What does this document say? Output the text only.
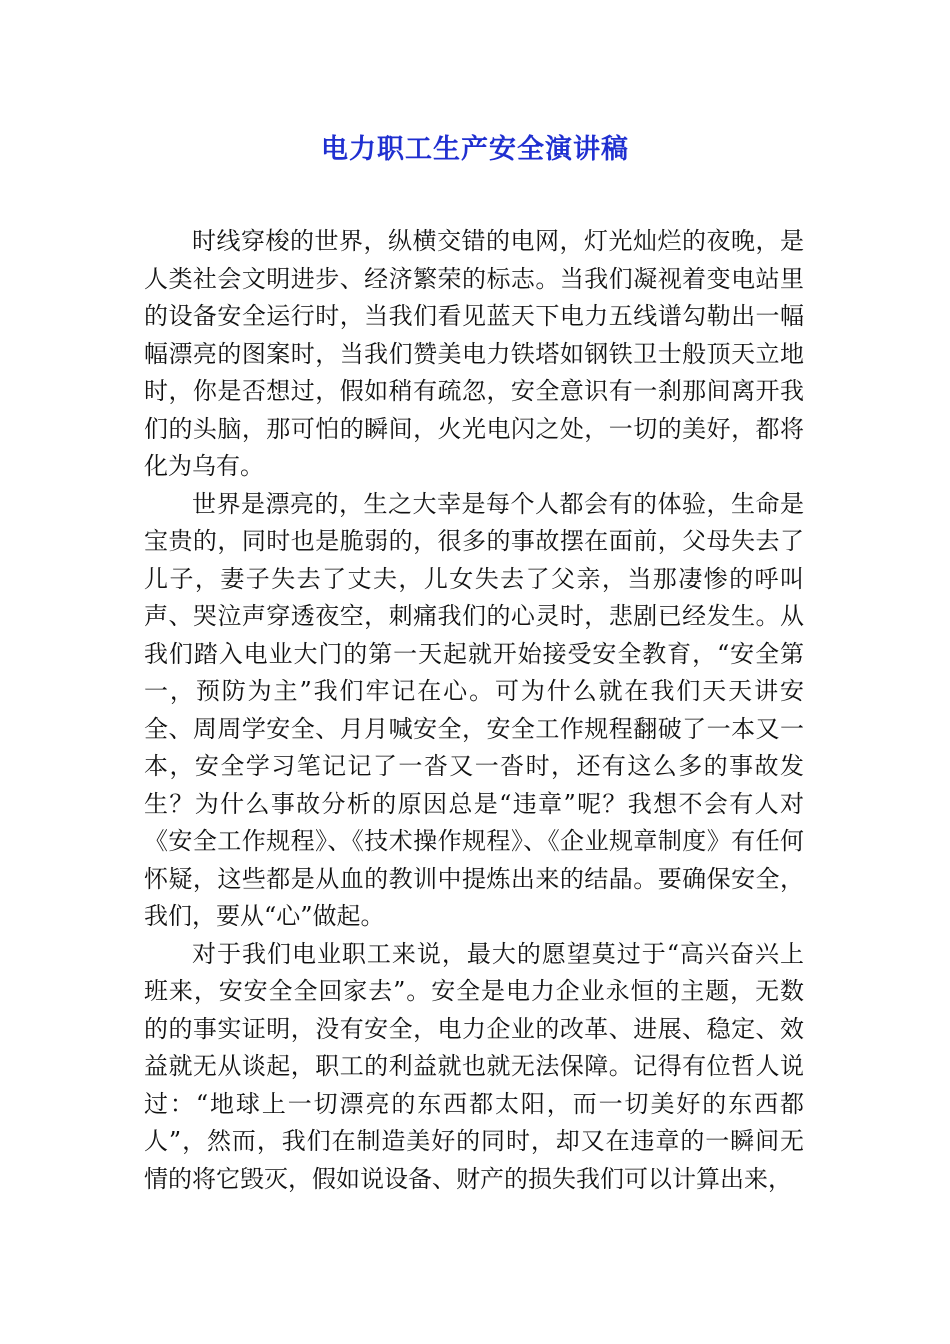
电力职工生产安全演讲稿

时线穿梭的世界，纵横交错的电网，灯光灿烂的夜晚，是人类社会文明进步、经济繁荣的标志。当我们凝视着变电站里的设备安全运行时，当我们看见蓝天下电力五线谱勾勒出一幅幅漂亮的图案时，当我们赞美电力铁塔如钢铁卫士般顶天立地时，你是否想过，假如稍有疏忽，安全意识有一刹那间离开我们的头脑，那可怕的瞬间，火光电闪之处，一切的美好，都将化为乌有。

世界是漂亮的，生之大幸是每个人都会有的体验，生命是宝贵的，同时也是脆弱的，很多的事故摆在面前，父母失去了儿子，妻子失去了丈夫，儿女失去了父亲，当那凄惨的呼叫声、哭泣声穿透夜空，刺痛我们的心灵时，悲剧已经发生。从我们踏入电业大门的第一天起就开始接受安全教育，“安全第一，预防为主”我们牢记在心。可为什么就在我们天天讲安全、周周学安全、月月喊安全，安全工作规程翻破了一本又一本，安全学习笔记记了一沓又一沓时，还有这么多的事故发生？为什么事故分析的原因总是“违章”呢？我想不会有人对《安全工作规程》、《技术操作规程》、《企业规章制度》有任何怀疑，这些都是从血的教训中提炼出来的结晶。要确保安全，我们，要从“心”做起。

对于我们电业职工来说，最大的愿望莫过于“高兴奋兴上班来，安安全全回家去”。安全是电力企业永恒的主题，无数的的事实证明，没有安全，电力企业的改革、进展、稳定、效益就无从谈起，职工的利益就也就无法保障。记得有位哲人说过：“地球上一切漂亮的东西都太阳，而一切美好的东西都人”，然而，我们在制造美好的同时，却又在违章的一瞬间无情的将它毁灭，假如说设备、财产的损失我们可以计算出来，
